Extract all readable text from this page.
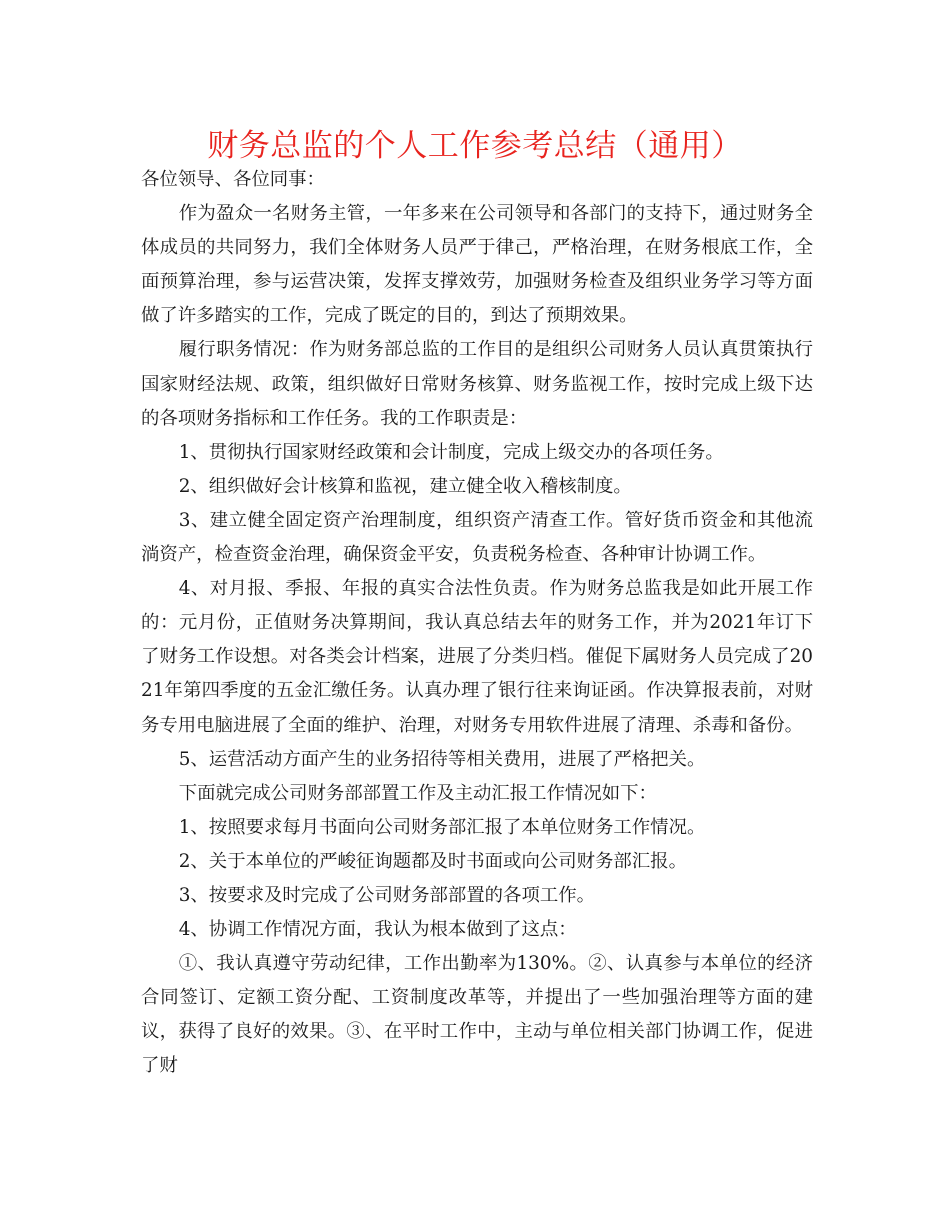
财务总监的个人工作参考总结（通用）

各位领导、各位同事：

作为盈众一名财务主管，一年多来在公司领导和各部门的支持下，通过财务全体成员的共同努力，我们全体财务人员严于律己，严格治理，在财务根底工作，全面预算治理，参与运营决策，发挥支撑效劳，加强财务检查及组织业务学习等方面做了许多踏实的工作，完成了既定的目的，到达了预期效果。

履行职务情况：作为财务部总监的工作目的是组织公司财务人员认真贯策执行国家财经法规、政策，组织做好日常财务核算、财务监视工作，按时完成上级下达的各项财务指标和工作任务。我的工作职责是：

1、贯彻执行国家财经政策和会计制度，完成上级交办的各项任务。

2、组织做好会计核算和监视，建立健全收入稽核制度。

3、建立健全固定资产治理制度，组织资产清查工作。管好货币资金和其他流淌资产，检查资金治理，确保资金平安，负责税务检查、各种审计协调工作。

4、对月报、季报、年报的真实合法性负责。作为财务总监我是如此开展工作的：元月份，正值财务决算期间，我认真总结去年的财务工作，并为2021年订下了财务工作设想。对各类会计档案，进展了分类归档。催促下属财务人员完成了2021年第四季度的五金汇缴任务。认真办理了银行往来询证函。作决算报表前，对财务专用电脑进展了全面的维护、治理，对财务专用软件进展了清理、杀毒和备份。

5、运营活动方面产生的业务招待等相关费用，进展了严格把关。

下面就完成公司财务部部置工作及主动汇报工作情况如下：

1、按照要求每月书面向公司财务部汇报了本单位财务工作情况。

2、关于本单位的严峻征询题都及时书面或向公司财务部汇报。

3、按要求及时完成了公司财务部部置的各项工作。

4、协调工作情况方面，我认为根本做到了这点：

①、我认真遵守劳动纪律，工作出勤率为130%。②、认真参与本单位的经济合同签订、定额工资分配、工资制度改革等，并提出了一些加强治理等方面的建议，获得了良好的效果。③、在平时工作中，主动与单位相关部门协调工作，促进了财
